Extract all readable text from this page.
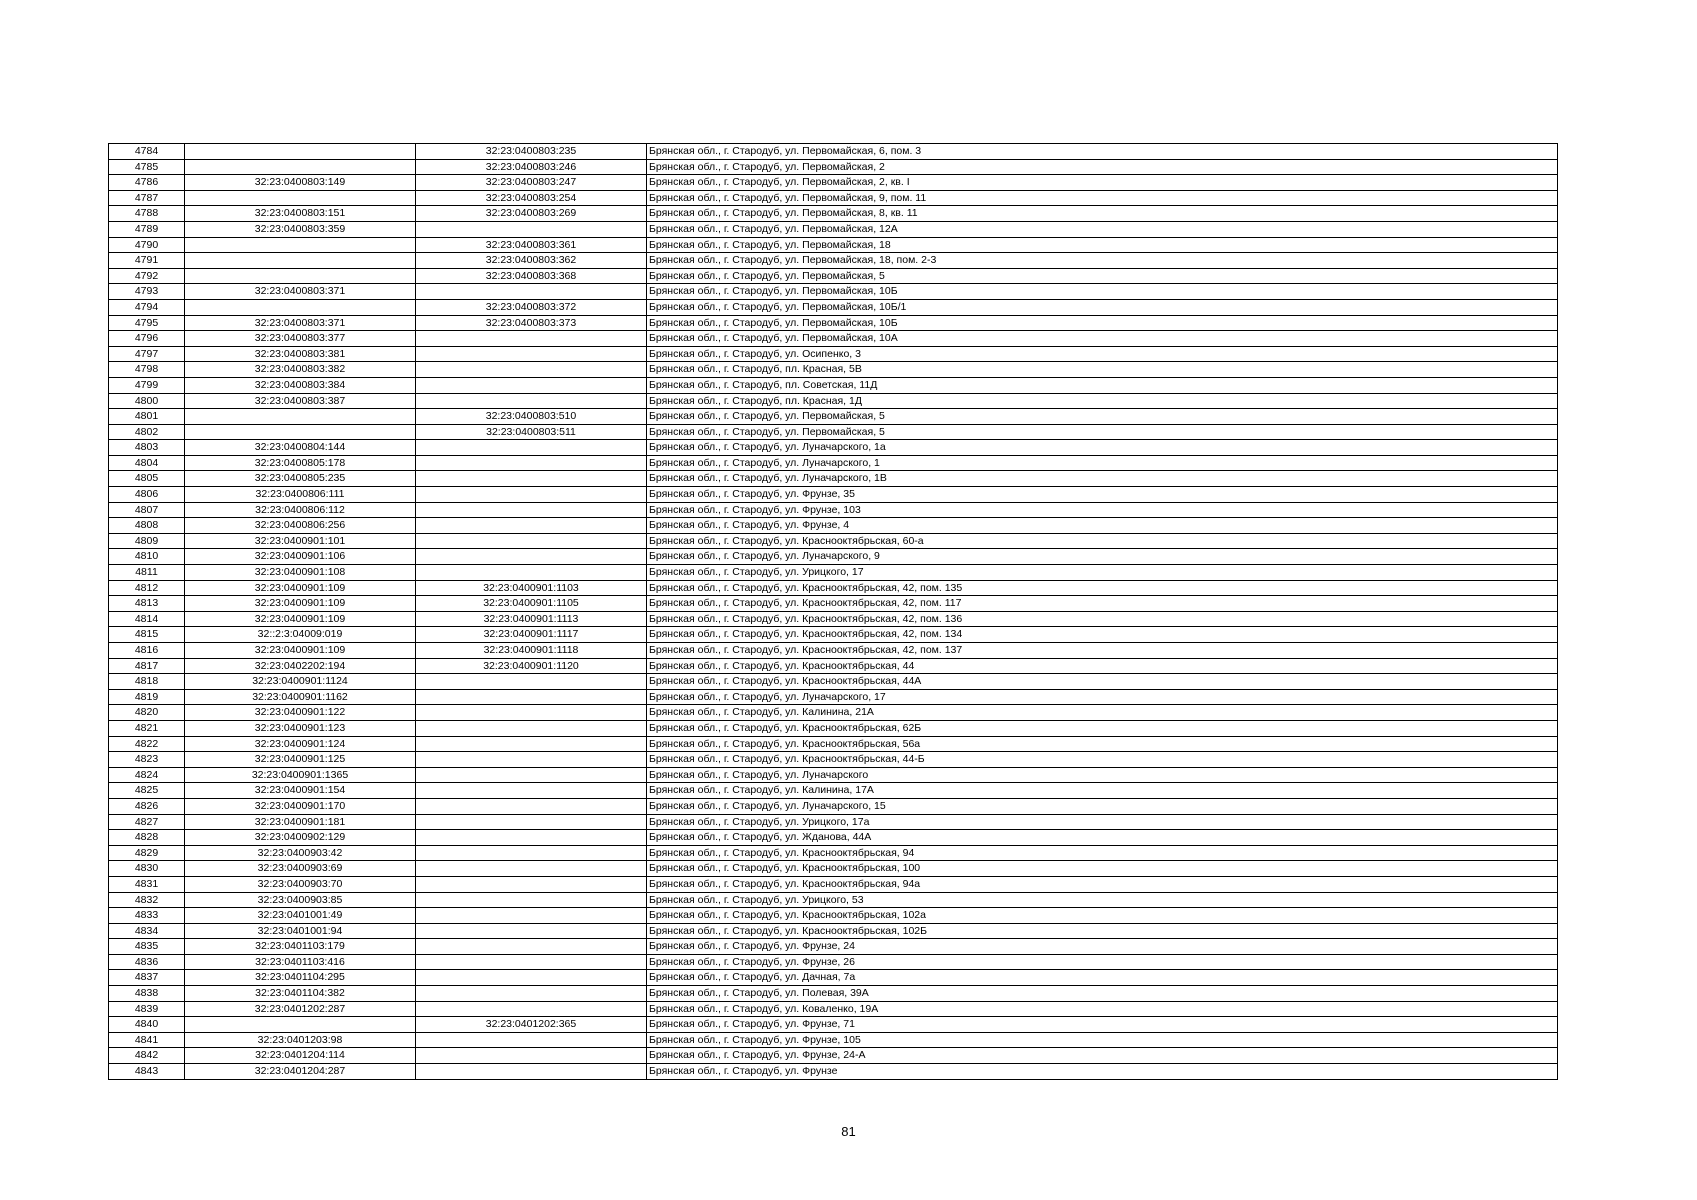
4784		32:23:0400803:235	Брянская обл., г. Стародуб, ул. Первомайская, 6, пом. 3
4785		32:23:0400803:246	Брянская обл., г. Стародуб, ул. Первомайская, 2
4786	32:23:0400803:149	32:23:0400803:247	Брянская обл., г. Стародуб, ул. Первомайская, 2, кв. I
4787		32:23:0400803:254	Брянская обл., г. Стародуб, ул. Первомайская, 9, пом. 11
4788	32:23:0400803:151	32:23:0400803:269	Брянская обл., г. Стародуб, ул. Первомайская, 8, кв. 11
4789	32:23:0400803:359		Брянская обл., г. Стародуб, ул. Первомайская, 12А
4790		32:23:0400803:361	Брянская обл., г. Стародуб, ул. Первомайская, 18
4791		32:23:0400803:362	Брянская обл., г. Стародуб, ул. Первомайская, 18, пом. 2-3
4792		32:23:0400803:368	Брянская обл., г. Стародуб, ул. Первомайская, 5
4793	32:23:0400803:371		Брянская обл., г. Стародуб, ул. Первомайская, 10Б
4794		32:23:0400803:372	Брянская обл., г. Стародуб, ул. Первомайская, 10Б/1
4795	32:23:0400803:371	32:23:0400803:373	Брянская обл., г. Стародуб, ул. Первомайская, 10Б
4796	32:23:0400803:377		Брянская обл., г. Стародуб, ул. Первомайская, 10А
4797	32:23:0400803:381		Брянская обл., г. Стародуб, ул. Осипенко, 3
4798	32:23:0400803:382		Брянская обл., г. Стародуб, пл. Красная, 5В
4799	32:23:0400803:384		Брянская обл., г. Стародуб, пл. Советская, 11Д
4800	32:23:0400803:387		Брянская обл., г. Стародуб, пл. Красная, 1Д
4801		32:23:0400803:510	Брянская обл., г. Стародуб, ул. Первомайская, 5
4802		32:23:0400803:511	Брянская обл., г. Стародуб, ул. Первомайская, 5
4803	32:23:0400804:144		Брянская обл., г. Стародуб, ул. Луначарского, 1а
4804	32:23:0400805:178		Брянская обл., г. Стародуб, ул. Луначарского, 1
4805	32:23:0400805:235		Брянская обл., г. Стародуб, ул. Луначарского, 1В
4806	32:23:0400806:111		Брянская обл., г. Стародуб, ул. Фрунзе, 35
4807	32:23:0400806:112		Брянская обл., г. Стародуб, ул. Фрунзе, 103
4808	32:23:0400806:256		Брянская обл., г. Стародуб, ул. Фрунзе, 4
4809	32:23:0400901:101		Брянская обл., г. Стародуб, ул. Краснооктябрьская, 60-а
4810	32:23:0400901:106		Брянская обл., г. Стародуб, ул. Луначарского, 9
4811	32:23:0400901:108		Брянская обл., г. Стародуб, ул. Урицкого, 17
4812	32:23:0400901:109	32:23:0400901:1103	Брянская обл., г. Стародуб, ул. Краснооктябрьская, 42, пом. 135
4813	32:23:0400901:109	32:23:0400901:1105	Брянская обл., г. Стародуб, ул. Краснооктябрьская, 42, пом. 117
4814	32:23:0400901:109	32:23:0400901:1113	Брянская обл., г. Стародуб, ул. Краснооктябрьская, 42, пом. 136
4815	32::2:3:04009:019	32:23:0400901:1117	Брянская обл., г. Стародуб, ул. Краснооктябрьская, 42, пом. 134
4816	32:23:0400901:109	32:23:0400901:1118	Брянская обл., г. Стародуб, ул. Краснооктябрьская, 42, пом. 137
4817	32:23:0402202:194	32:23:0400901:1120	Брянская обл., г. Стародуб, ул. Краснооктябрьская, 44
4818	32:23:0400901:1124		Брянская обл., г. Стародуб, ул. Краснооктябрьская, 44А
4819	32:23:0400901:1162		Брянская обл., г. Стародуб, ул. Луначарского, 17
4820	32:23:0400901:122		Брянская обл., г. Стародуб, ул. Калинина, 21А
4821	32:23:0400901:123		Брянская обл., г. Стародуб, ул. Краснооктябрьская, 62Б
4822	32:23:0400901:124		Брянская обл., г. Стародуб, ул. Краснооктябрьская, 56а
4823	32:23:0400901:125		Брянская обл., г. Стародуб, ул. Краснооктябрьская, 44-Б
4824	32:23:0400901:1365		Брянская обл., г. Стародуб, ул. Луначарского
4825	32:23:0400901:154		Брянская обл., г. Стародуб, ул. Калинина, 17А
4826	32:23:0400901:170		Брянская обл., г. Стародуб, ул. Луначарского, 15
4827	32:23:0400901:181		Брянская обл., г. Стародуб, ул. Урицкого, 17а
4828	32:23:0400902:129		Брянская обл., г. Стародуб, ул. Жданова, 44А
4829	32:23:0400903:42		Брянская обл., г. Стародуб, ул. Краснооктябрьская, 94
4830	32:23:0400903:69		Брянская обл., г. Стародуб, ул. Краснооктябрьская, 100
4831	32:23:0400903:70		Брянская обл., г. Стародуб, ул. Краснооктябрьская, 94а
4832	32:23:0400903:85		Брянская обл., г. Стародуб, ул. Урицкого, 53
4833	32:23:0401001:49		Брянская обл., г. Стародуб, ул. Краснооктябрьская, 102а
4834	32:23:0401001:94		Брянская обл., г. Стародуб, ул. Краснооктябрьская, 102Б
4835	32:23:0401103:179		Брянская обл., г. Стародуб, ул. Фрунзе, 24
4836	32:23:0401103:416		Брянская обл., г. Стародуб, ул. Фрунзе, 26
4837	32:23:0401104:295		Брянская обл., г. Стародуб, ул. Дачная, 7а
4838	32:23:0401104:382		Брянская обл., г. Стародуб, ул. Полевая, 39А
4839	32:23:0401202:287		Брянская обл., г. Стародуб, ул. Коваленко, 19А
4840		32:23:0401202:365	Брянская обл., г. Стародуб, ул. Фрунзе, 71
4841	32:23:0401203:98		Брянская обл., г. Стародуб, ул. Фрунзе, 105
4842	32:23:0401204:114		Брянская обл., г. Стародуб, ул. Фрунзе, 24-А
4843	32:23:0401204:287		Брянская обл., г. Стародуб, ул. Фрунзе
81
